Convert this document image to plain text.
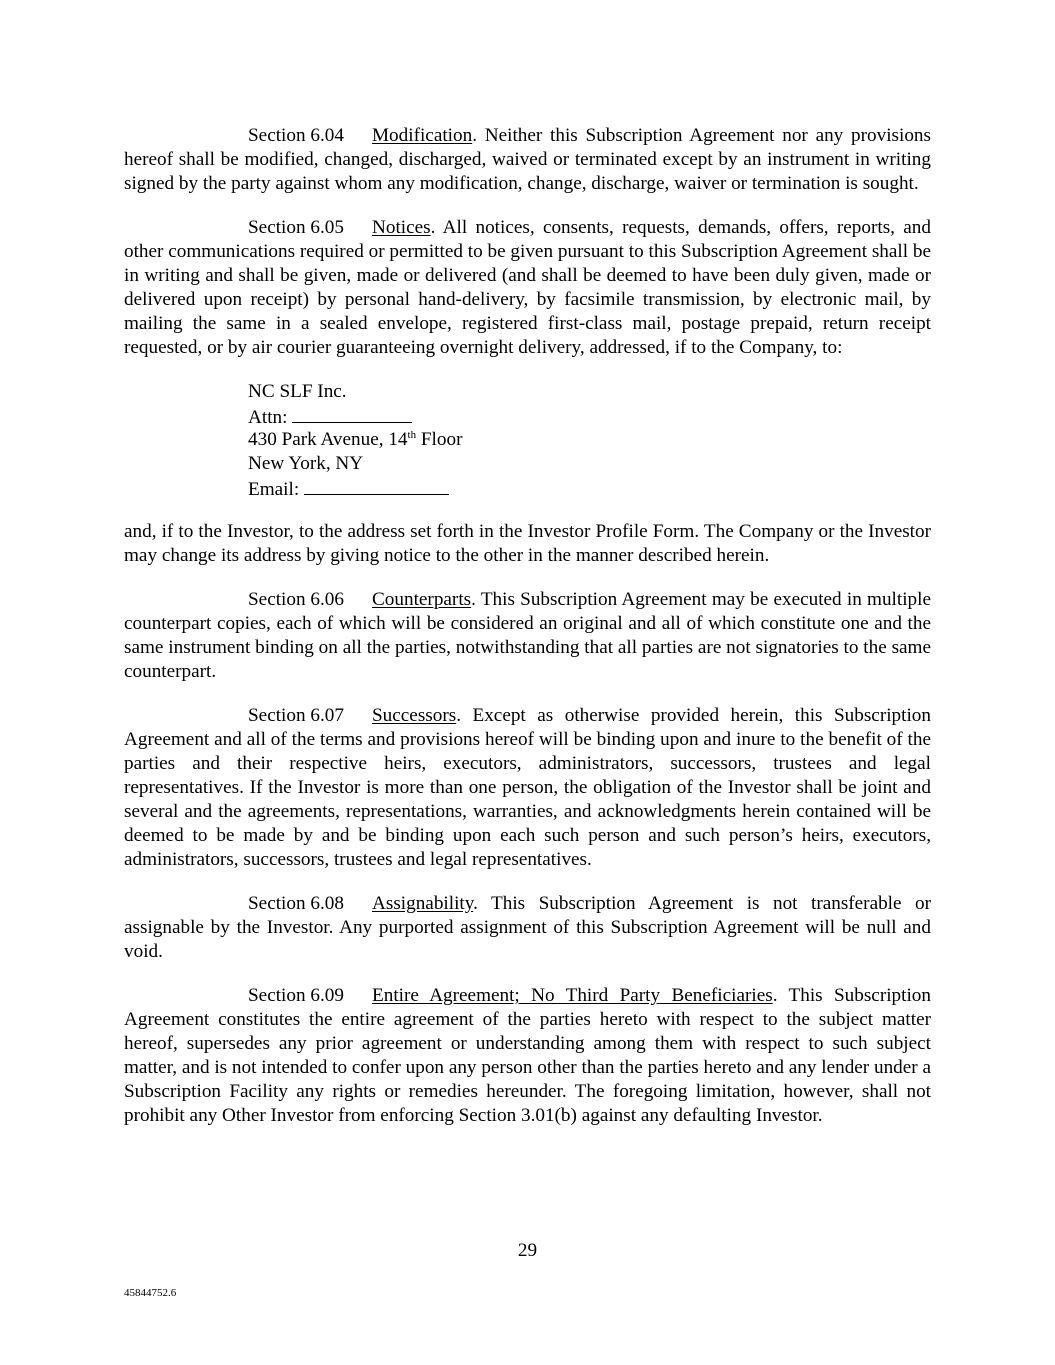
Section 6.04 Modification. Neither this Subscription Agreement nor any provisions hereof shall be modified, changed, discharged, waived or terminated except by an instrument in writing signed by the party against whom any modification, change, discharge, waiver or termination is sought.

Section 6.05 Notices. All notices, consents, requests, demands, offers, reports, and other communications required or permitted to be given pursuant to this Subscription Agreement shall be in writing and shall be given, made or delivered (and shall be deemed to have been duly given, made or delivered upon receipt) by personal hand-delivery, by facsimile transmission, by electronic mail, by mailing the same in a sealed envelope, registered first-class mail, postage prepaid, return receipt requested, or by air courier guaranteeing overnight delivery, addressed, if to the Company, to:

NC SLF Inc.
Attn:
430 Park Avenue, 14th Floor
New York, NY
Email:

and, if to the Investor, to the address set forth in the Investor Profile Form. The Company or the Investor may change its address by giving notice to the other in the manner described herein.

Section 6.06 Counterparts. This Subscription Agreement may be executed in multiple counterpart copies, each of which will be considered an original and all of which constitute one and the same instrument binding on all the parties, notwithstanding that all parties are not signatories to the same counterpart.

Section 6.07 Successors. Except as otherwise provided herein, this Subscription Agreement and all of the terms and provisions hereof will be binding upon and inure to the benefit of the parties and their respective heirs, executors, administrators, successors, trustees and legal representatives. If the Investor is more than one person, the obligation of the Investor shall be joint and several and the agreements, representations, warranties, and acknowledgments herein contained will be deemed to be made by and be binding upon each such person and such person’s heirs, executors, administrators, successors, trustees and legal representatives.

Section 6.08 Assignability. This Subscription Agreement is not transferable or assignable by the Investor. Any purported assignment of this Subscription Agreement will be null and void.

Section 6.09 Entire Agreement; No Third Party Beneficiaries. This Subscription Agreement constitutes the entire agreement of the parties hereto with respect to the subject matter hereof, supersedes any prior agreement or understanding among them with respect to such subject matter, and is not intended to confer upon any person other than the parties hereto and any lender under a Subscription Facility any rights or remedies hereunder. The foregoing limitation, however, shall not prohibit any Other Investor from enforcing Section 3.01(b) against any defaulting Investor.

29
45844752.6
